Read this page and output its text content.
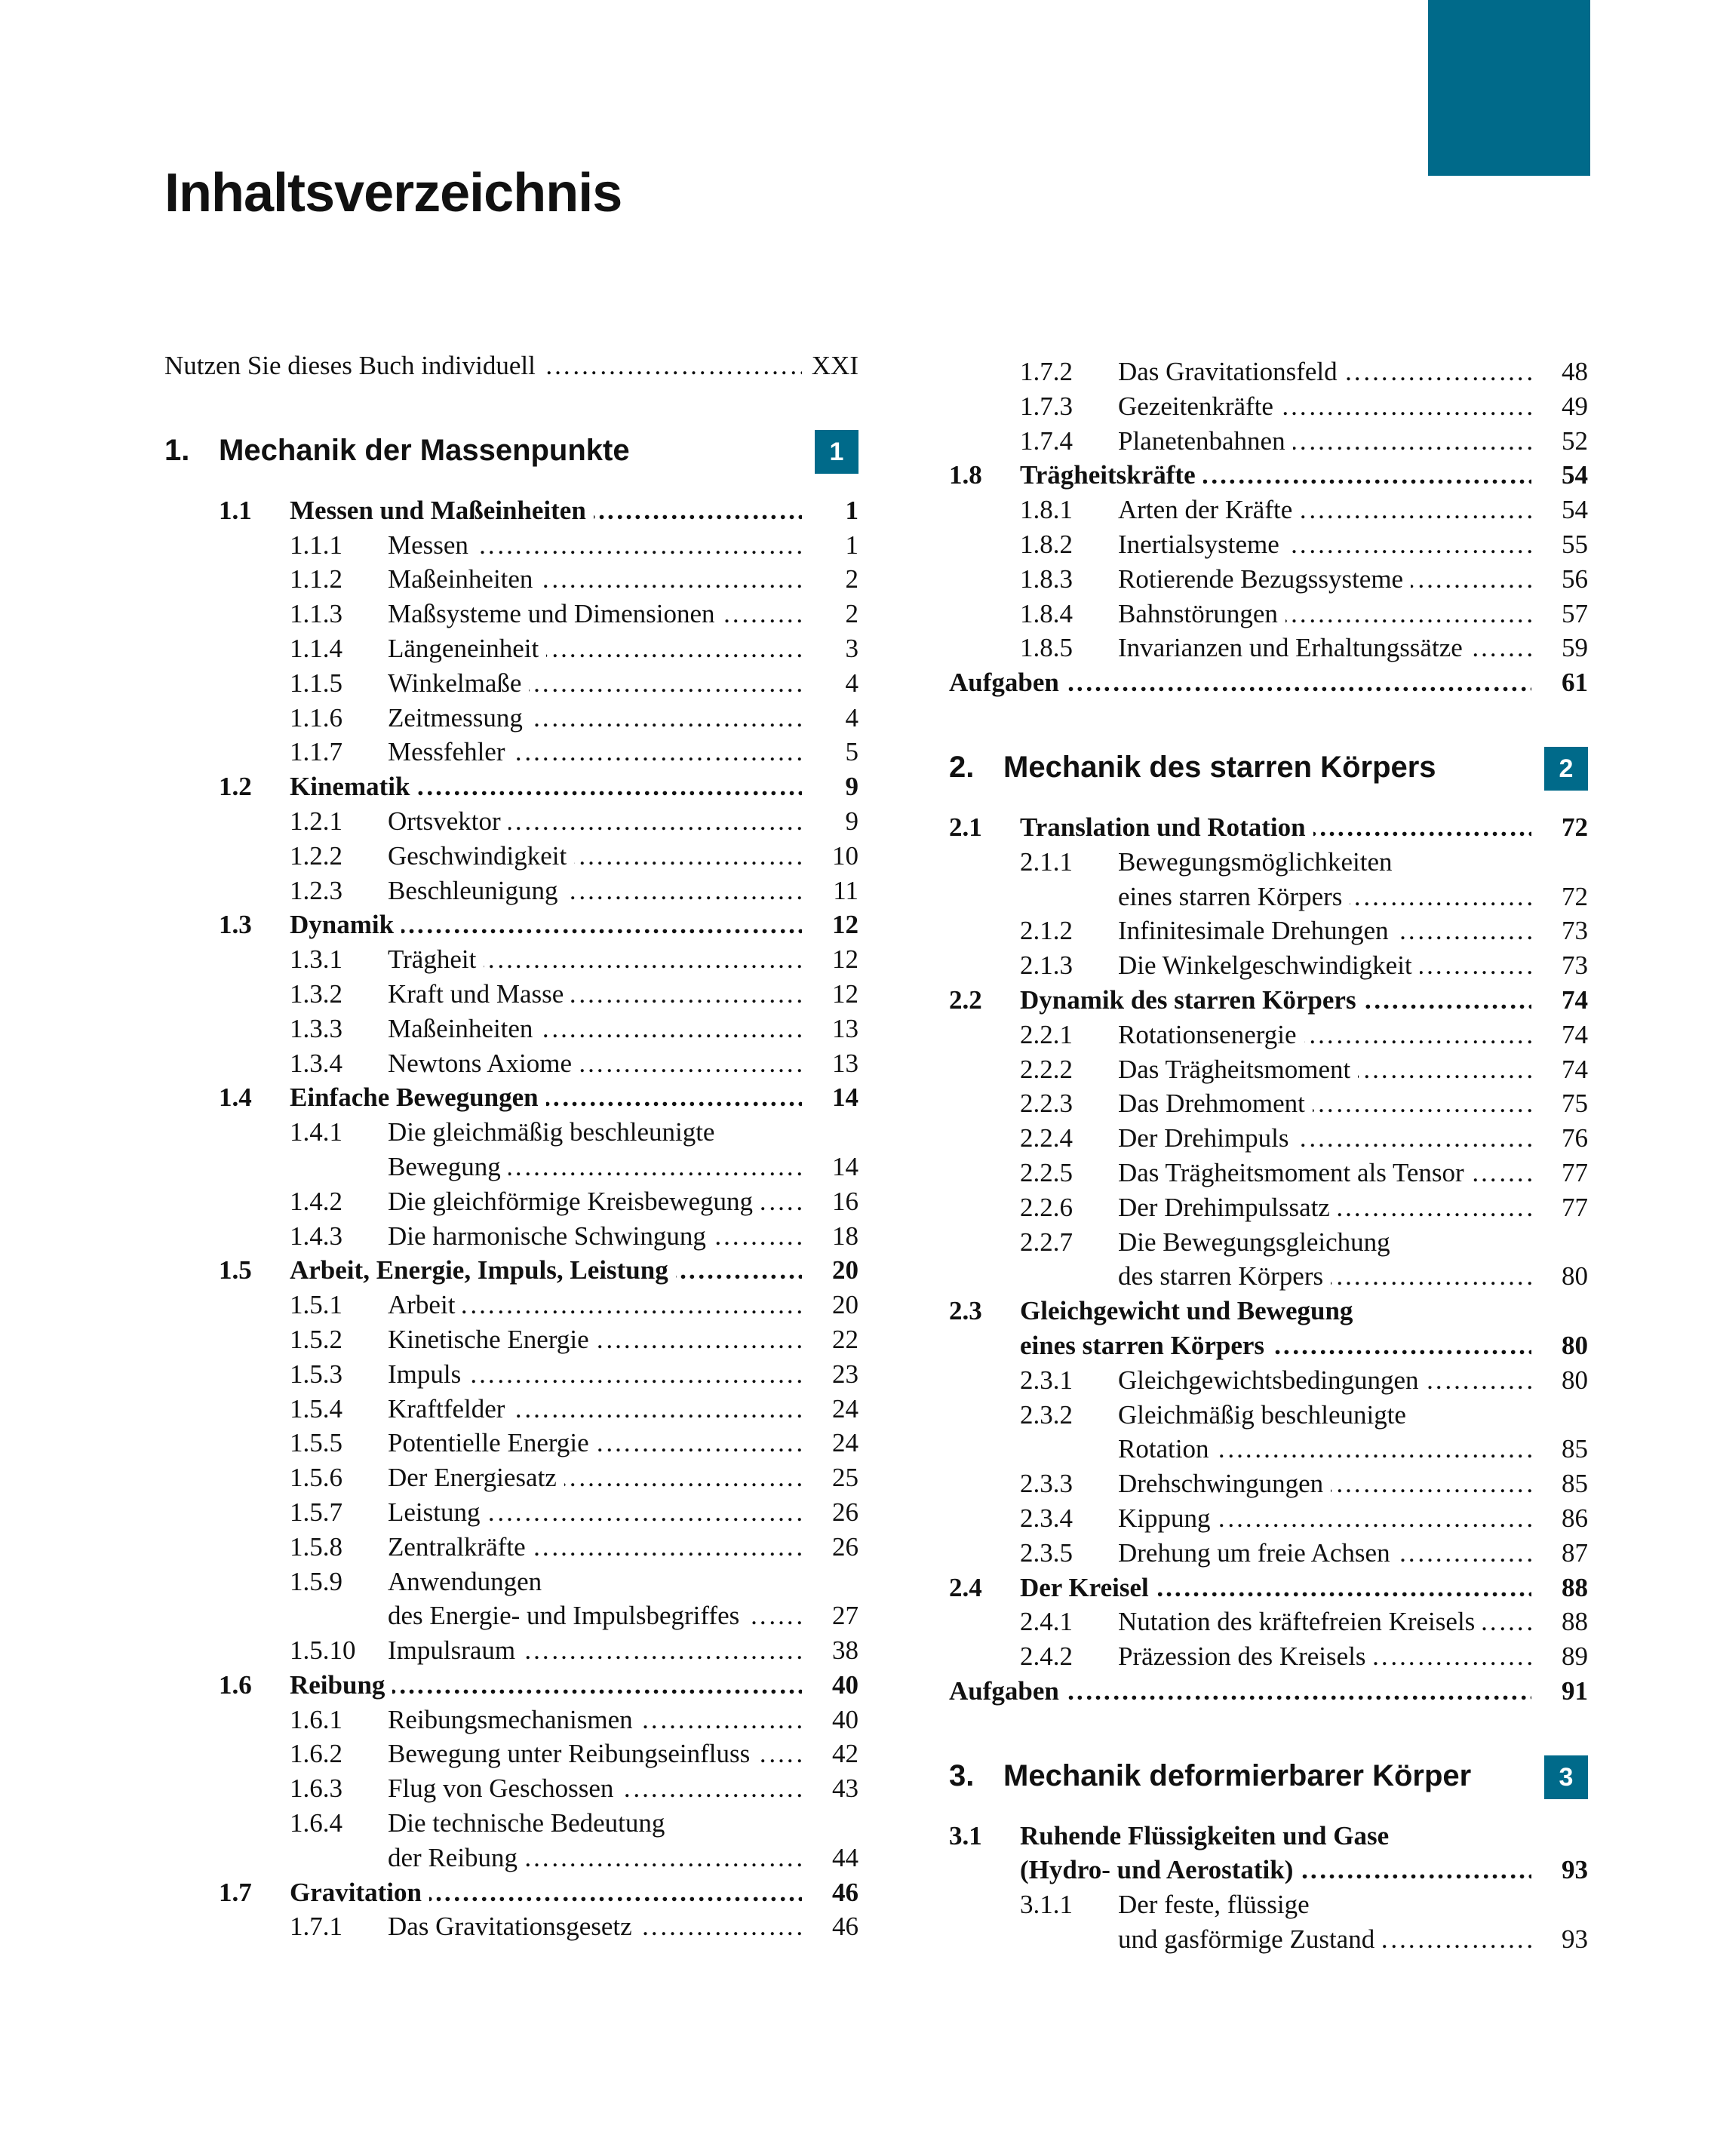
Inhaltsverzeichnis
Nutzen Sie dieses Buch individuell ………………………………………………………………………………………………………………………………………………………	XXI
1. Mechanik der Massenpunkte	1
1.1 Messen und Maßeinheiten ………………………………………………………………………………………………………………………………………………………	1
1.1.1 Messen ………………………………………………………………………………………………………………………………………………………	1
1.1.2 Maßeinheiten ………………………………………………………………………………………………………………………………………………………	2
1.1.3 Maßsysteme und Dimensionen ………………………………………………………………………………………………………………………………………………………	2
1.1.4 Längeneinheit ………………………………………………………………………………………………………………………………………………………	3
1.1.5 Winkelmaße ………………………………………………………………………………………………………………………………………………………	4
1.1.6 Zeitmessung ………………………………………………………………………………………………………………………………………………………	4
1.1.7 Messfehler ………………………………………………………………………………………………………………………………………………………	5
1.2 Kinematik ………………………………………………………………………………………………………………………………………………………	9
1.2.1 Ortsvektor ………………………………………………………………………………………………………………………………………………………	9
1.2.2 Geschwindigkeit ………………………………………………………………………………………………………………………………………………………	10
1.2.3 Beschleunigung ………………………………………………………………………………………………………………………………………………………	11
1.3 Dynamik ………………………………………………………………………………………………………………………………………………………	12
1.3.1 Trägheit ………………………………………………………………………………………………………………………………………………………	12
1.3.2 Kraft und Masse ………………………………………………………………………………………………………………………………………………………	12
1.3.3 Maßeinheiten ………………………………………………………………………………………………………………………………………………………	13
1.3.4 Newtons Axiome ………………………………………………………………………………………………………………………………………………………	13
1.4 Einfache Bewegungen ………………………………………………………………………………………………………………………………………………………	14
1.4.1 Die gleichmäßig beschleunigte
Bewegung ………………………………………………………………………………………………………………………………………………………	14
1.4.2 Die gleichförmige Kreisbewegung ………………………………………………………………………………………………………………………………………………………	16
1.4.3 Die harmonische Schwingung ………………………………………………………………………………………………………………………………………………………	18
1.5 Arbeit, Energie, Impuls, Leistung ………………………………………………………………………………………………………………………………………………………	20
1.5.1 Arbeit ………………………………………………………………………………………………………………………………………………………	20
1.5.2 Kinetische Energie ………………………………………………………………………………………………………………………………………………………	22
1.5.3 Impuls ………………………………………………………………………………………………………………………………………………………	23
1.5.4 Kraftfelder ………………………………………………………………………………………………………………………………………………………	24
1.5.5 Potentielle Energie ………………………………………………………………………………………………………………………………………………………	24
1.5.6 Der Energiesatz ………………………………………………………………………………………………………………………………………………………	25
1.5.7 Leistung ………………………………………………………………………………………………………………………………………………………	26
1.5.8 Zentralkräfte ………………………………………………………………………………………………………………………………………………………	26
1.5.9 Anwendungen
des Energie- und Impulsbegriffes ………………………………………………………………………………………………………………………………………………………	27
1.5.10 Impulsraum ………………………………………………………………………………………………………………………………………………………	38
1.6 Reibung ………………………………………………………………………………………………………………………………………………………	40
1.6.1 Reibungsmechanismen ………………………………………………………………………………………………………………………………………………………	40
1.6.2 Bewegung unter Reibungseinfluss ………………………………………………………………………………………………………………………………………………………	42
1.6.3 Flug von Geschossen ………………………………………………………………………………………………………………………………………………………	43
1.6.4 Die technische Bedeutung
der Reibung ………………………………………………………………………………………………………………………………………………………	44
1.7 Gravitation ………………………………………………………………………………………………………………………………………………………	46
1.7.1 Das Gravitationsgesetz ………………………………………………………………………………………………………………………………………………………	46
1.7.2 Das Gravitationsfeld ………………………………………………………………………………………………………………………………………………………	48
1.7.3 Gezeitenkräfte ………………………………………………………………………………………………………………………………………………………	49
1.7.4 Planetenbahnen ………………………………………………………………………………………………………………………………………………………	52
1.8 Trägheitskräfte ………………………………………………………………………………………………………………………………………………………	54
1.8.1 Arten der Kräfte ………………………………………………………………………………………………………………………………………………………	54
1.8.2 Inertialsysteme ………………………………………………………………………………………………………………………………………………………	55
1.8.3 Rotierende Bezugssysteme ………………………………………………………………………………………………………………………………………………………	56
1.8.4 Bahnstörungen ………………………………………………………………………………………………………………………………………………………	57
1.8.5 Invarianzen und Erhaltungssätze ………………………………………………………………………………………………………………………………………………………	59
Aufgaben ………………………………………………………………………………………………………………………………………………………	61
2. Mechanik des starren Körpers	2
2.1 Translation und Rotation ………………………………………………………………………………………………………………………………………………………	72
2.1.1 Bewegungsmöglichkeiten
eines starren Körpers ………………………………………………………………………………………………………………………………………………………	72
2.1.2 Infinitesimale Drehungen ………………………………………………………………………………………………………………………………………………………	73
2.1.3 Die Winkelgeschwindigkeit ………………………………………………………………………………………………………………………………………………………	73
2.2 Dynamik des starren Körpers ………………………………………………………………………………………………………………………………………………………	74
2.2.1 Rotationsenergie ………………………………………………………………………………………………………………………………………………………	74
2.2.2 Das Trägheitsmoment ………………………………………………………………………………………………………………………………………………………	74
2.2.3 Das Drehmoment ………………………………………………………………………………………………………………………………………………………	75
2.2.4 Der Drehimpuls ………………………………………………………………………………………………………………………………………………………	76
2.2.5 Das Trägheitsmoment als Tensor ………………………………………………………………………………………………………………………………………………………	77
2.2.6 Der Drehimpulssatz ………………………………………………………………………………………………………………………………………………………	77
2.2.7 Die Bewegungsgleichung
des starren Körpers ………………………………………………………………………………………………………………………………………………………	80
2.3 Gleichgewicht und Bewegung
eines starren Körpers ………………………………………………………………………………………………………………………………………………………	80
2.3.1 Gleichgewichtsbedingungen ………………………………………………………………………………………………………………………………………………………	80
2.3.2 Gleichmäßig beschleunigte
Rotation ………………………………………………………………………………………………………………………………………………………	85
2.3.3 Drehschwingungen ………………………………………………………………………………………………………………………………………………………	85
2.3.4 Kippung ………………………………………………………………………………………………………………………………………………………	86
2.3.5 Drehung um freie Achsen ………………………………………………………………………………………………………………………………………………………	87
2.4 Der Kreisel ………………………………………………………………………………………………………………………………………………………	88
2.4.1 Nutation des kräftefreien Kreisels ………………………………………………………………………………………………………………………………………………………	88
2.4.2 Präzession des Kreisels ………………………………………………………………………………………………………………………………………………………	89
Aufgaben ………………………………………………………………………………………………………………………………………………………	91
3. Mechanik deformierbarer Körper	3
3.1 Ruhende Flüssigkeiten und Gase
(Hydro- und Aerostatik) ………………………………………………………………………………………………………………………………………………………	93
3.1.1 Der feste, flüssige
und gasförmige Zustand ………………………………………………………………………………………………………………………………………………………	93
